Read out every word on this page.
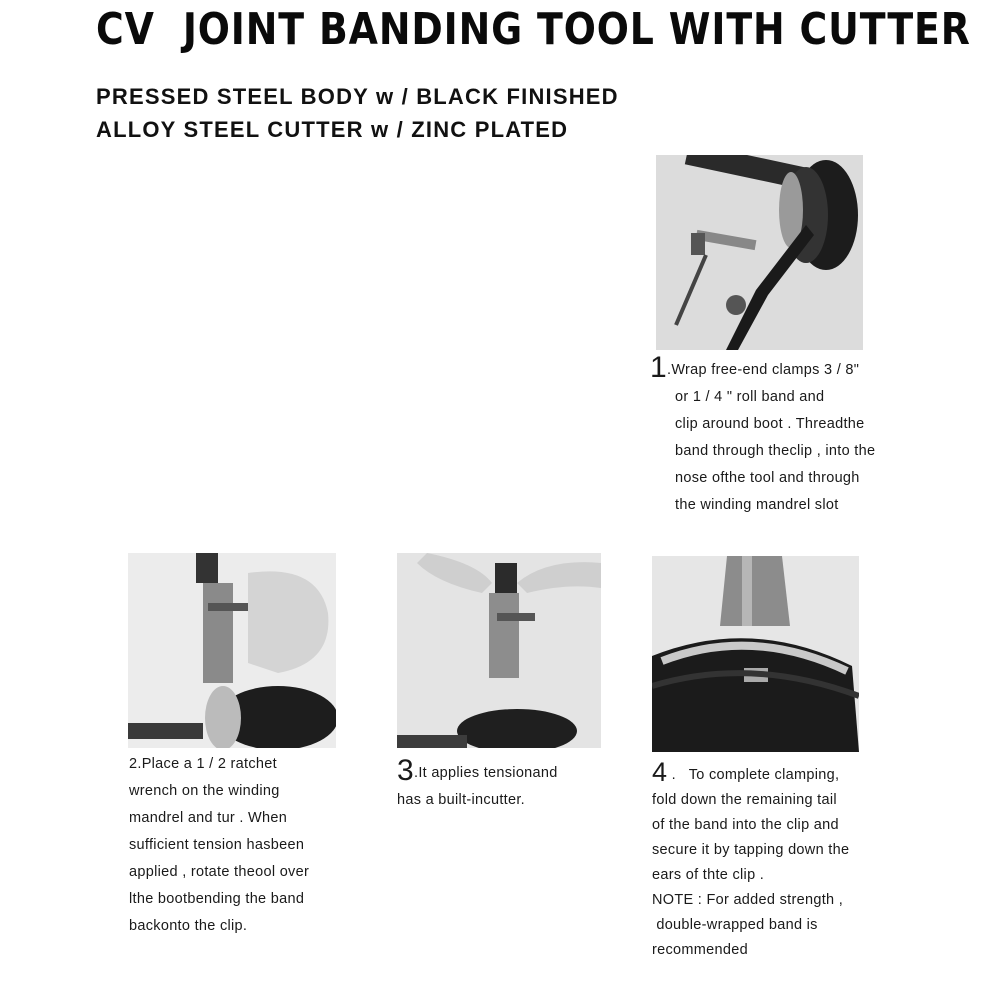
CV  JOINT BANDING TOOL WITH CUTTER
PRESSED STEEL BODY w / BLACK FINISHED
ALLOY STEEL CUTTER w / ZINC PLATED
1.Wrap free-end clamps 3 / 8"
or 1 / 4 " roll band and
clip around boot . Threadthe
band through theclip , into the
nose ofthe tool and through
the winding mandrel slot
2.Place a 1 / 2 ratchet
wrench on the winding
mandrel and tur . When
sufficient tension hasbeen
applied , rotate theool over
lthe bootbending the band
backonto the clip.
3.It applies tensionand
has a built-incutter.
4 .   To complete clamping,
fold down the remaining tail
of the band into the clip and
secure it by tapping down the
ears of thte clip .
NOTE : For added strength ,
double-wrapped band is
recommended
